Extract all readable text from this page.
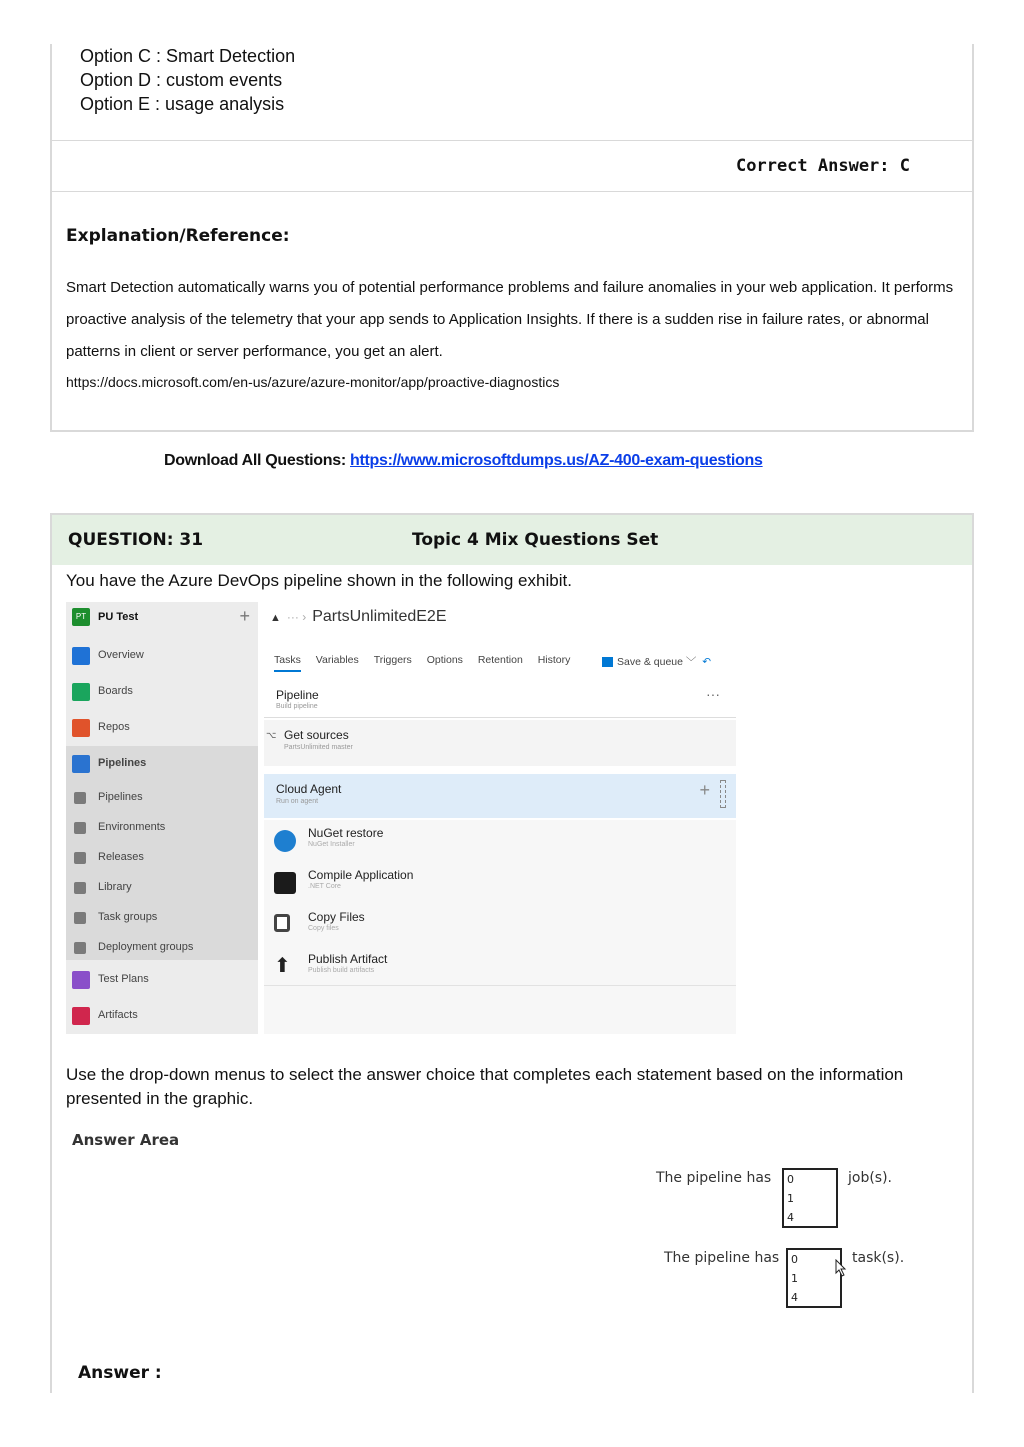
Option C : Smart Detection
Option D : custom events
Option E : usage analysis
Correct Answer: C
Explanation/Reference:
Smart Detection automatically warns you of potential performance problems and failure anomalies in your web application. It performs proactive analysis of the telemetry that your app sends to Application Insights. If there is a sudden rise in failure rates, or abnormal patterns in client or server performance, you get an alert.
https://docs.microsoft.com/en-us/azure/azure-monitor/app/proactive-diagnostics
Download All Questions: https://www.microsoftdumps.us/AZ-400-exam-questions
QUESTION: 31	Topic 4 Mix Questions Set
You have the Azure DevOps pipeline shown in the following exhibit.
PT	PU Test	+
Overview
Boards
Repos
Pipelines
Pipelines
Environments
Releases
Library
Task groups
Deployment groups
Test Plans
Artifacts
▲ ··· › PartsUnlimitedE2E
Tasks Variables Triggers Options Retention History	Save & queue ﹀  ↶
Pipeline
Build pipeline
···
⌥ Get sources
PartsUnlimited master
Cloud Agent
Run on agent
+
NuGet restore
NuGet Installer
Compile Application
.NET Core
Copy Files
Copy files
⬆	Publish Artifact
Publish build artifacts
Use the drop-down menus to select the answer choice that completes each statement based on the information presented in the graphic.
Answer Area
The pipeline has 0
1
4
job(s).
The pipeline has 0
1
4
task(s).
Answer :
